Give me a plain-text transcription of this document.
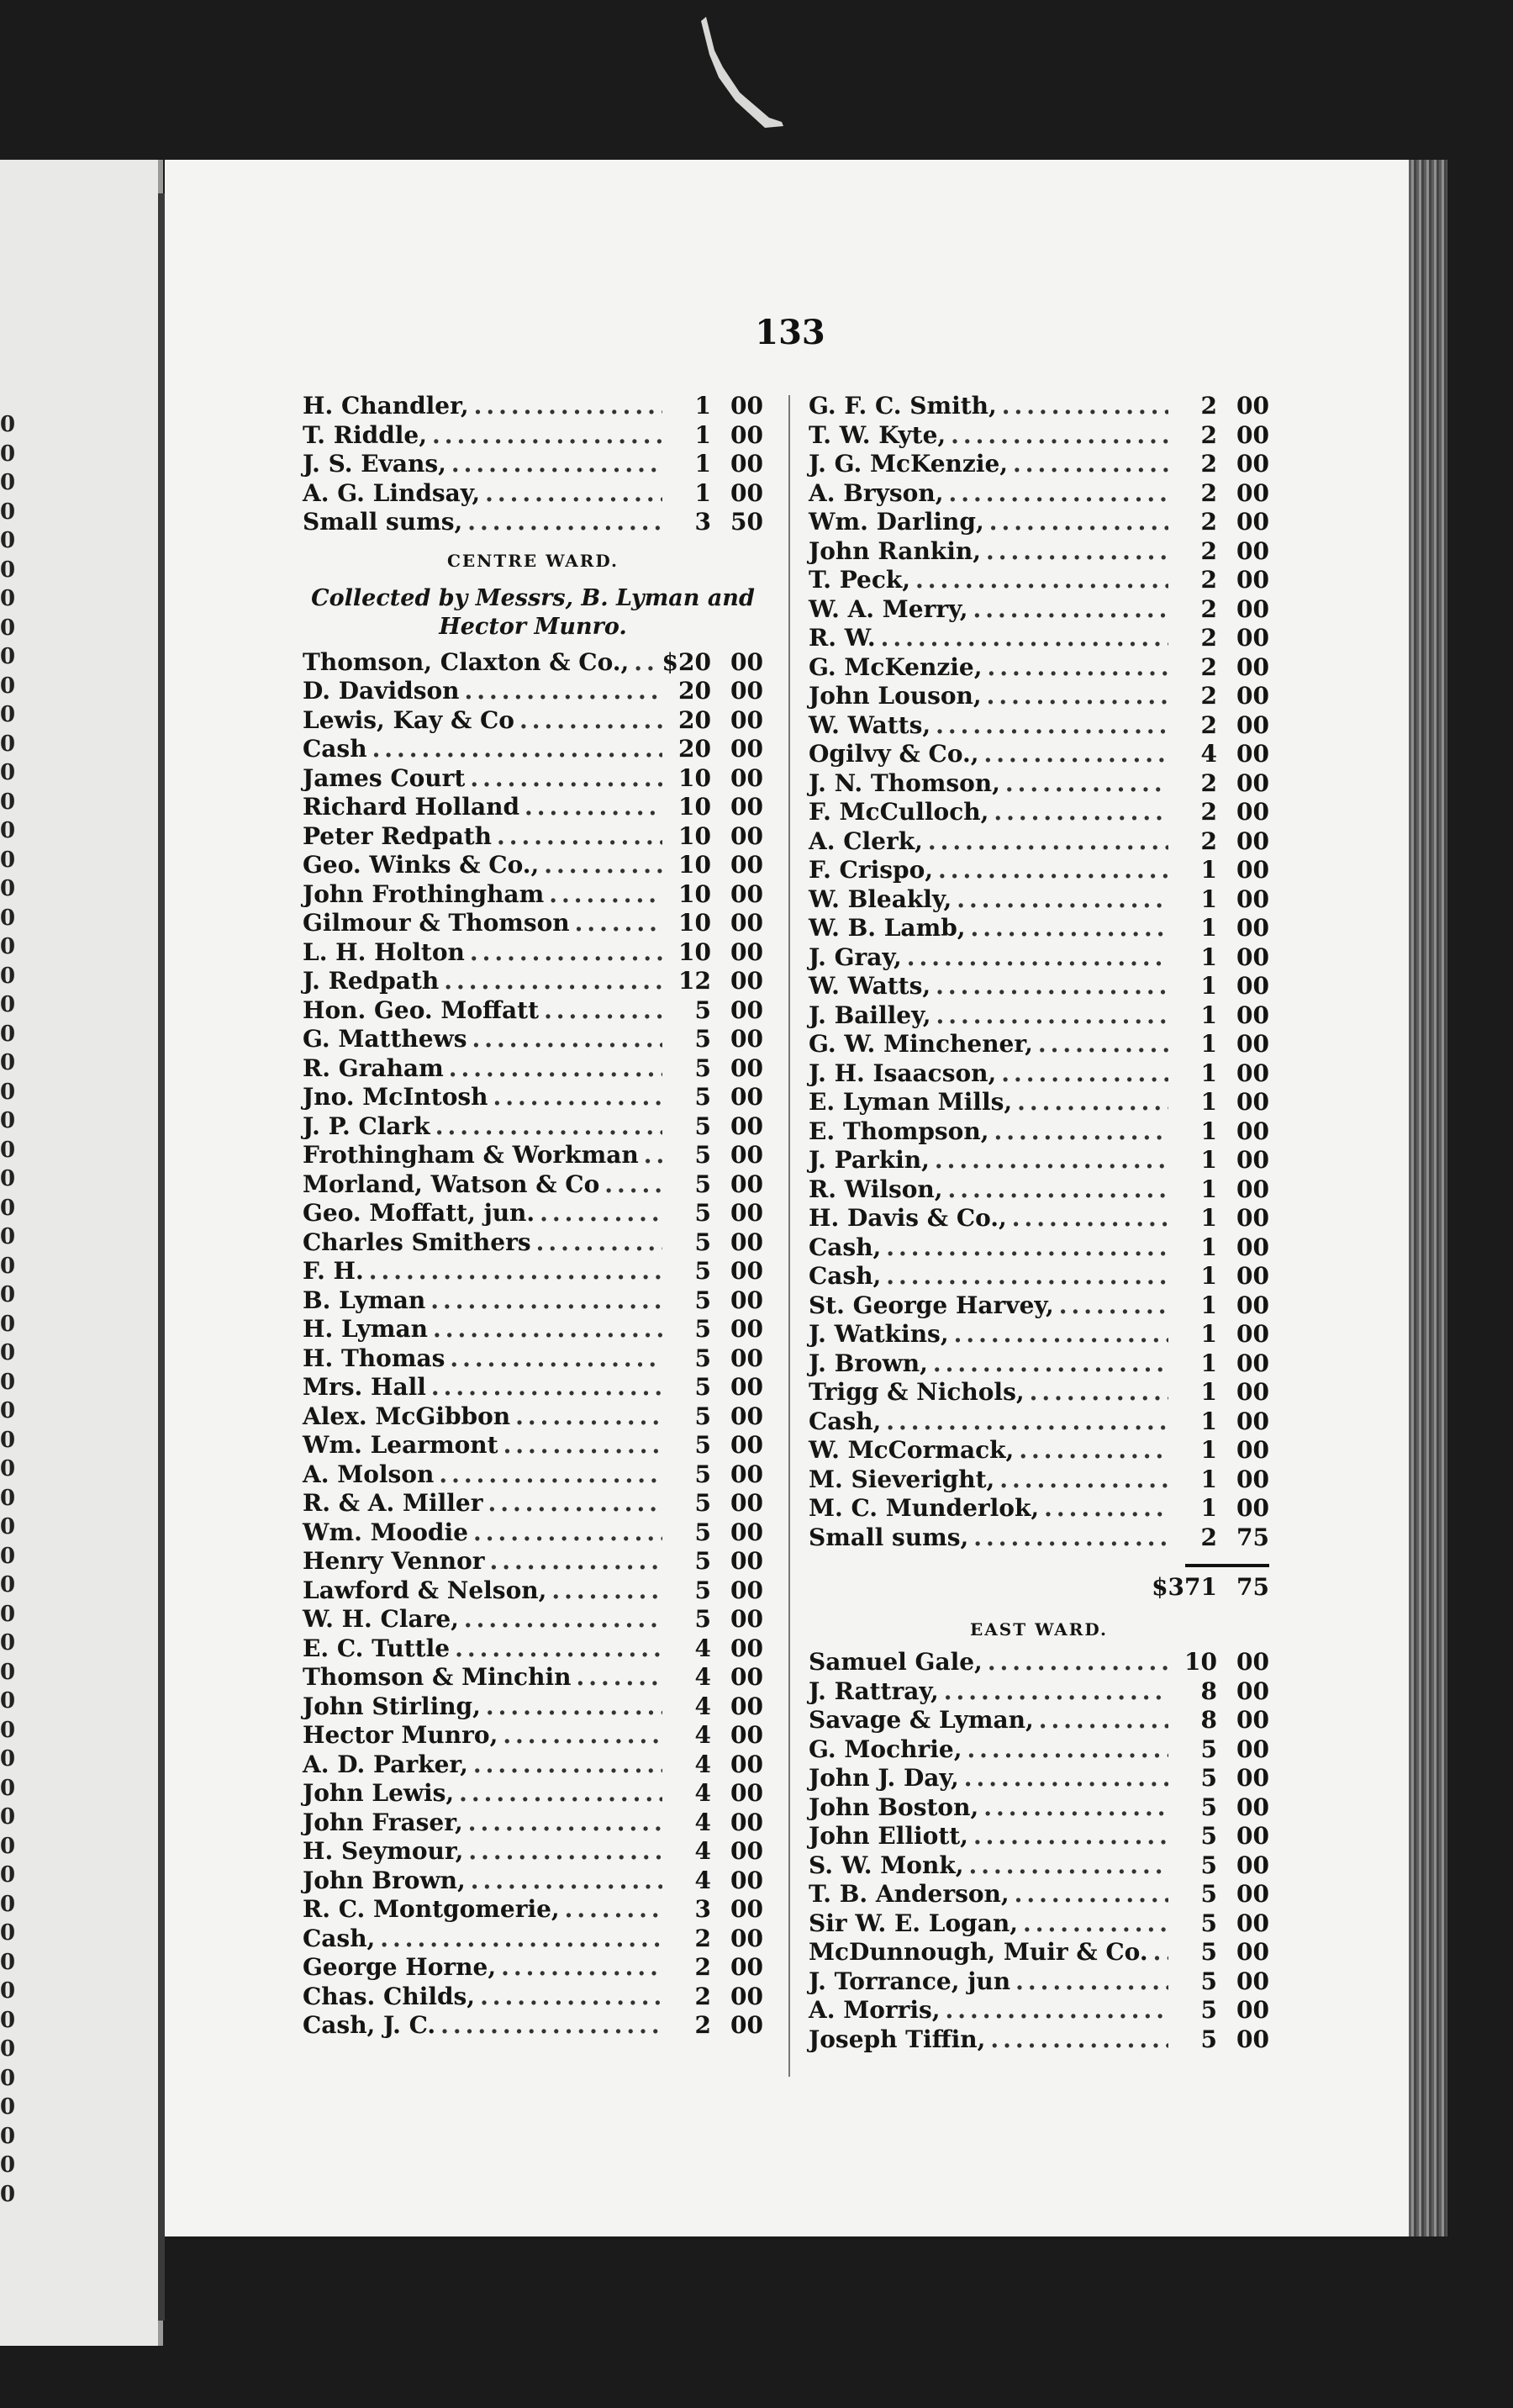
0
0
0
0
0
0
0
0
0
0
0
0
0
0
0
0
0
0
0
0
0
0
0
0
0
0
0
0
0
0
0
0
0
0
0
0
0
0
0
0
0
0
0
0
0
0
0
0
0
0
0
0
0
0
0
0
0
0
0
0
0
0
133
H. Chandler, .....	1 00
T. Riddle, .....	1 00
J. S. Evans, .....	1 00
A. G. Lindsay, .....	1 00
Small sums, .....	3 50
CENTRE WARD.
Collected by Messrs, B. Lyman and Hector Munro.
Thomson, Claxton & Co., ..... $20 00
D. Davidson .....	20 00
Lewis, Kay & Co .....	20 00
Cash .....	20 00
James Court .....	10 00
Richard Holland .....	10 00
Peter Redpath .....	10 00
Geo. Winks & Co., .....	10 00
John Frothingham .....	10 00
Gilmour & Thomson .....	10 00
L. H. Holton .....	10 00
J. Redpath .....	12 00
Hon. Geo. Moffatt .....	5 00
G. Matthews .....	5 00
R. Graham .....	5 00
Jno. McIntosh .....	5 00
J. P. Clark .....	5 00
Frothingham & Workman .....	5 00
Morland, Watson & Co .....	5 00
Geo. Moffatt, jun. .....	5 00
Charles Smithers .....	5 00
F. H. .....	5 00
B. Lyman .....	5 00
H. Lyman .....	5 00
H. Thomas .....	5 00
Mrs. Hall .....	5 00
Alex. McGibbon .....	5 00
Wm. Learmont .....	5 00
A. Molson .....	5 00
R. & A. Miller .....	5 00
Wm. Moodie .....	5 00
Henry Vennor .....	5 00
Lawford & Nelson, .....	5 00
W. H. Clare, .....	5 00
E. C. Tuttle .....	4 00
Thomson & Minchin .....	4 00
John Stirling, .....	4 00
Hector Munro, .....	4 00
A. D. Parker, .....	4 00
John Lewis, .....	4 00
John Fraser, .....	4 00
H. Seymour, .....	4 00
John Brown, .....	4 00
R. C. Montgomerie, .....	3 00
Cash, .....	2 00
George Horne, .....	2 00
Chas. Childs, .....	2 00
Cash, J. C. .....	2 00
G. F. C. Smith, .....	2 00
T. W. Kyte, .....	2 00
J. G. McKenzie, .....	2 00
A. Bryson, .....	2 00
Wm. Darling, .....	2 00
John Rankin, .....	2 00
T. Peck, .....	2 00
W. A. Merry, .....	2 00
R. W. .....	2 00
G. McKenzie, .....	2 00
John Louson, .....	2 00
W. Watts, .....	2 00
Ogilvy & Co., .....	4 00
J. N. Thomson, .....	2 00
F. McCulloch, .....	2 00
A. Clerk, .....	2 00
F. Crispo, .....	1 00
W. Bleakly, .....	1 00
W. B. Lamb, .....	1 00
J. Gray, .....	1 00
W. Watts, .....	1 00
J. Bailley, .....	1 00
G. W. Minchener, .....	1 00
J. H. Isaacson, .....	1 00
E. Lyman Mills, .....	1 00
E. Thompson, .....	1 00
J. Parkin, .....	1 00
R. Wilson, .....	1 00
H. Davis & Co., .....	1 00
Cash, .....	1 00
Cash, .....	1 00
St. George Harvey, .....	1 00
J. Watkins, .....	1 00
J. Brown, .....	1 00
Trigg & Nichols, .....	1 00
Cash, .....	1 00
W. McCormack, .....	1 00
M. Sieveright, .....	1 00
M. C. Munderlok, .....	1 00
Small sums, .....	2 75
$371 75
EAST WARD.
Samuel Gale, .....	10 00
J. Rattray, .....	8 00
Savage & Lyman, .....	8 00
G. Mochrie, .....	5 00
John J. Day, .....	5 00
John Boston, .....	5 00
John Elliott, .....	5 00
S. W. Monk, .....	5 00
T. B. Anderson, .....	5 00
Sir W. E. Logan, .....	5 00
McDunnough, Muir & Co. .....	5 00
J. Torrance, jun .....	5 00
A. Morris, .....	5 00
Joseph Tiffin, .....	5 00
